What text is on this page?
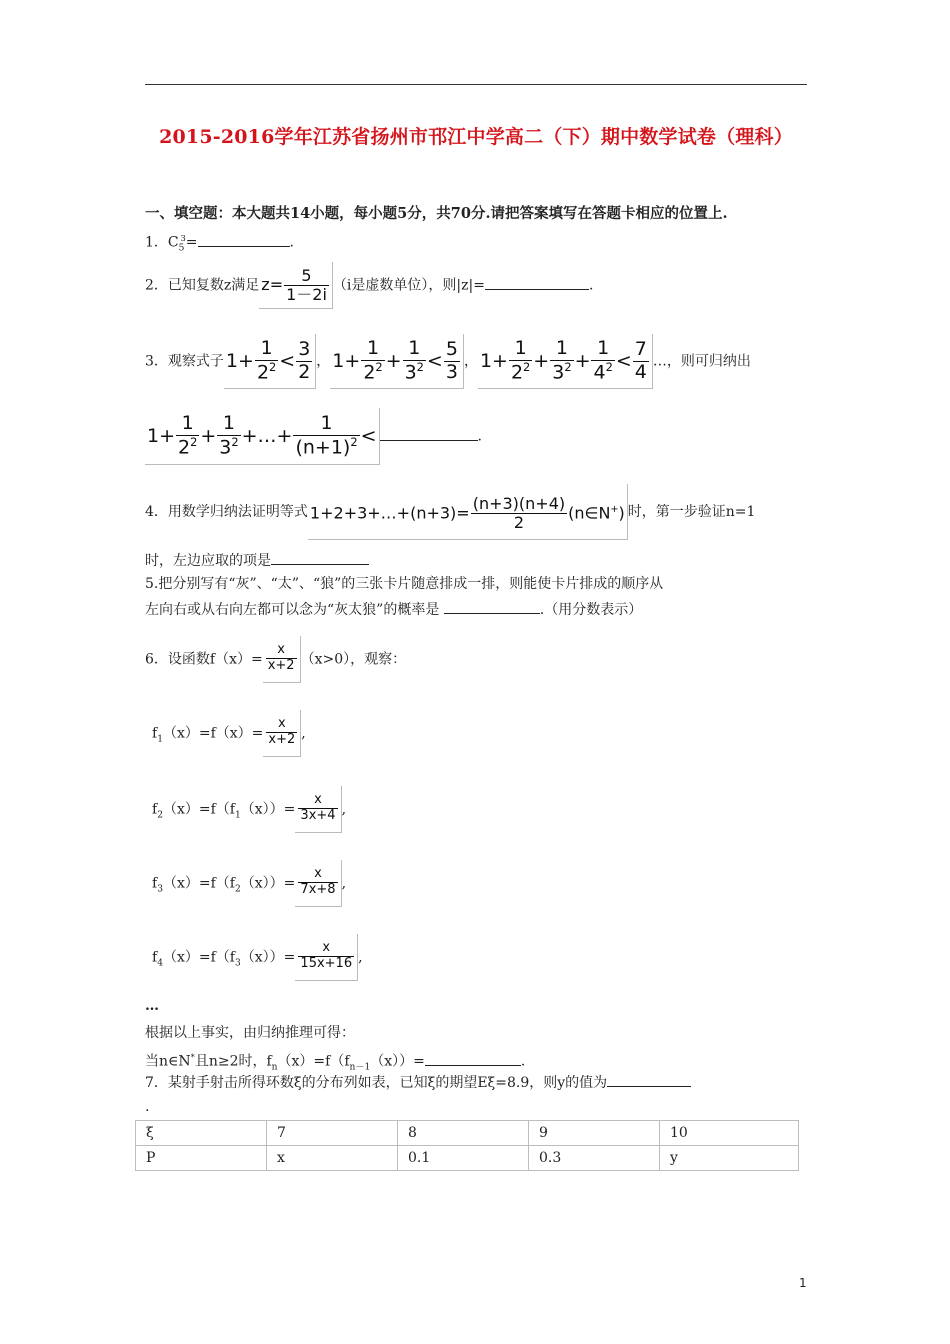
2015-2016学年江苏省扬州市邗江中学高二（下）期中数学试卷（理科）
一、填空题：本大题共14小题，每小题5分，共70分.请把答案填写在答题卡相应的位置上.
1．$C_5^3=$	.
2．已知复数z满足 $z= \frac{5}{1-2i} (i$是虚数单位），则|z|=	.
3．观察式子 $1+ \frac{1}{2^2} < \frac{3}{2}$ ， $1+ \frac{1}{2^2} + \frac{1}{3^2} < \frac{5}{3}$ ， $1+ \frac{1}{2^2} + \frac{1}{3^2} + \frac{1}{4^2} < \frac{7}{4}$ …，则可归纳出
$1+ \frac{1}{2^2} + \frac{1}{3^2}$ +…+ $\frac{1}{(n+1)^2}$ <	.
4．用数学归纳法证明等式 1+2+3+…+(n+3)= $\frac{(n+3)(n+4)}{2}$ (n∈N+) 时，第一步验证n=1
时，左边应取的项是
5.把分别写有“灰”、“太”、“狼”的三张卡片随意排成一排，则能使卡片排成的顺序从
左向右或从右向左都可以念为“灰太狼”的概率是	.（用分数表示）
6．设函数$f(x)= \frac{x}{x+2} (x>0)$，观察：
$f_1(x)=f(x)= \frac{x}{x+2}$ ,
$f_2(x)=f(f_1(x))= \frac{x}{3x+4}$ ,
$f_3(x)=f(f_2(x))= \frac{x}{7x+8}$ ,
$f_4(x)=f(f_3(x))= \frac{x}{15x+16}$ ,
…
根据以上事实，由归纳推理可得：
当n∈N*且n≥2时，$f_n(x)=f(f_{n-1}(x))=$	.
7．某射手射击所得环数ξ的分布列如表，已知ξ的期望Eξ=8.9，则y的值为
.
ξ	7	8	9	10
P	x	0.1	0.3	y
1
